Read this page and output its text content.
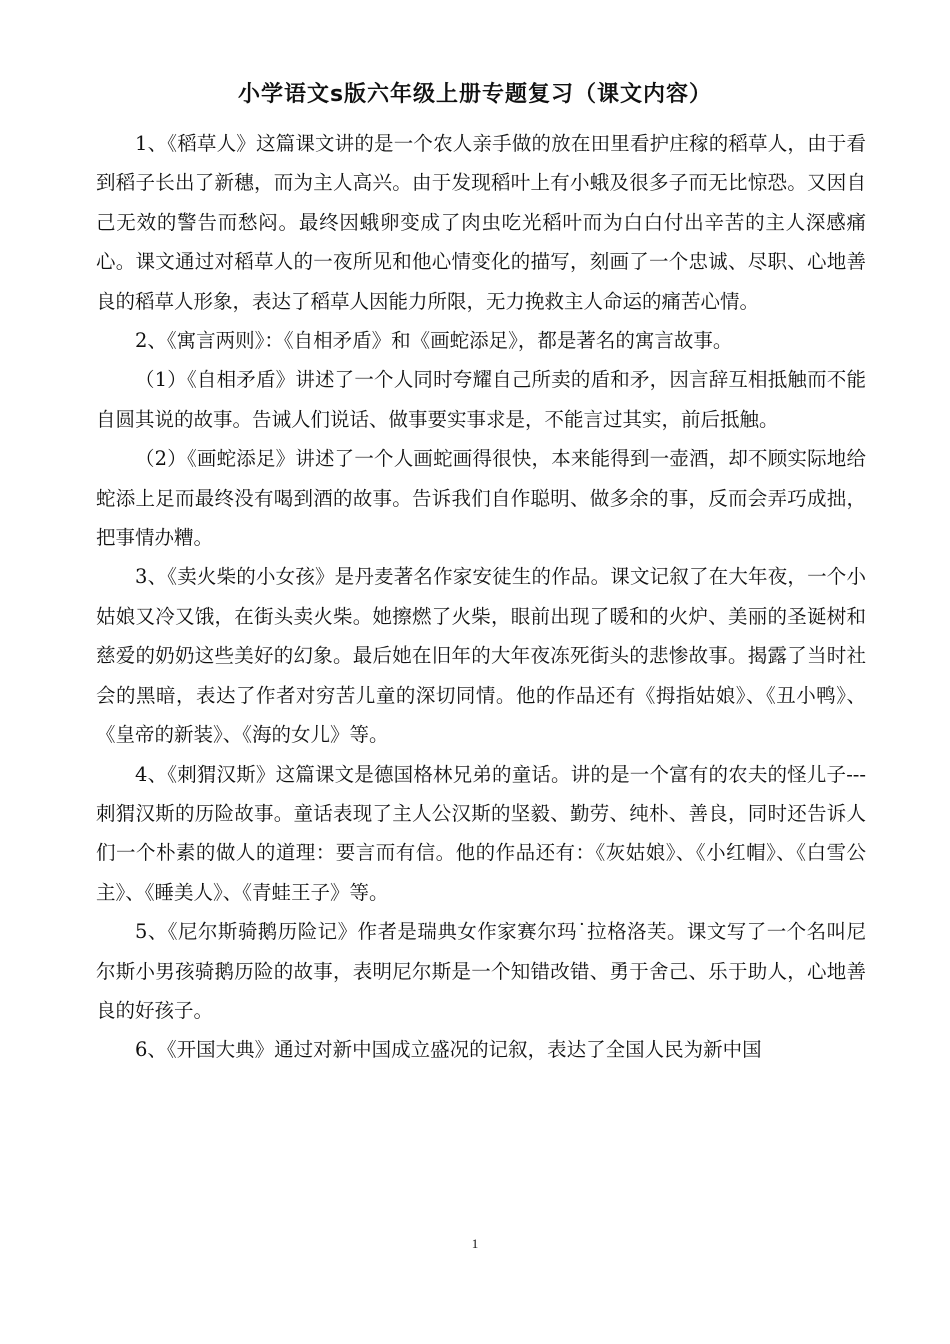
小学语文s版六年级上册专题复习（课文内容）

1、《稻草人》这篇课文讲的是一个农人亲手做的放在田里看护庄稼的稻草人，由于看到稻子长出了新穗，而为主人高兴。由于发现稻叶上有小蛾及很多子而无比惊恐。又因自己无效的警告而愁闷。最终因蛾卵变成了肉虫吃光稻叶而为白白付出辛苦的主人深感痛心。课文通过对稻草人的一夜所见和他心情变化的描写，刻画了一个忠诚、尽职、心地善良的稻草人形象，表达了稻草人因能力所限，无力挽救主人命运的痛苦心情。

2、《寓言两则》：《自相矛盾》和《画蛇添足》，都是著名的寓言故事。

（1）《自相矛盾》讲述了一个人同时夸耀自己所卖的盾和矛，因言辞互相抵触而不能自圆其说的故事。告诫人们说话、做事要实事求是，不能言过其实，前后抵触。

（2）《画蛇添足》讲述了一个人画蛇画得很快，本来能得到一壶酒，却不顾实际地给蛇添上足而最终没有喝到酒的故事。告诉我们自作聪明、做多余的事，反而会弄巧成拙，把事情办糟。

3、《卖火柴的小女孩》是丹麦著名作家安徒生的作品。课文记叙了在大年夜，一个小姑娘又冷又饿，在街头卖火柴。她擦燃了火柴，眼前出现了暖和的火炉、美丽的圣诞树和慈爱的奶奶这些美好的幻象。最后她在旧年的大年夜冻死街头的悲惨故事。揭露了当时社会的黑暗，表达了作者对穷苦儿童的深切同情。他的作品还有《拇指姑娘》、《丑小鸭》、《皇帝的新装》、《海的女儿》等。

4、《刺猬汉斯》这篇课文是德国格林兄弟的童话。讲的是一个富有的农夫的怪儿子---刺猬汉斯的历险故事。童话表现了主人公汉斯的坚毅、勤劳、纯朴、善良，同时还告诉人们一个朴素的做人的道理：要言而有信。他的作品还有：《灰姑娘》、《小红帽》、《白雪公主》、《睡美人》、《青蛙王子》等。

5、《尼尔斯骑鹅历险记》作者是瑞典女作家赛尔玛˙拉格洛芙。课文写了一个名叫尼尔斯小男孩骑鹅历险的故事，表明尼尔斯是一个知错改错、勇于舍己、乐于助人，心地善良的好孩子。

6、《开国大典》通过对新中国成立盛况的记叙，表达了全国人民为新中国

1
